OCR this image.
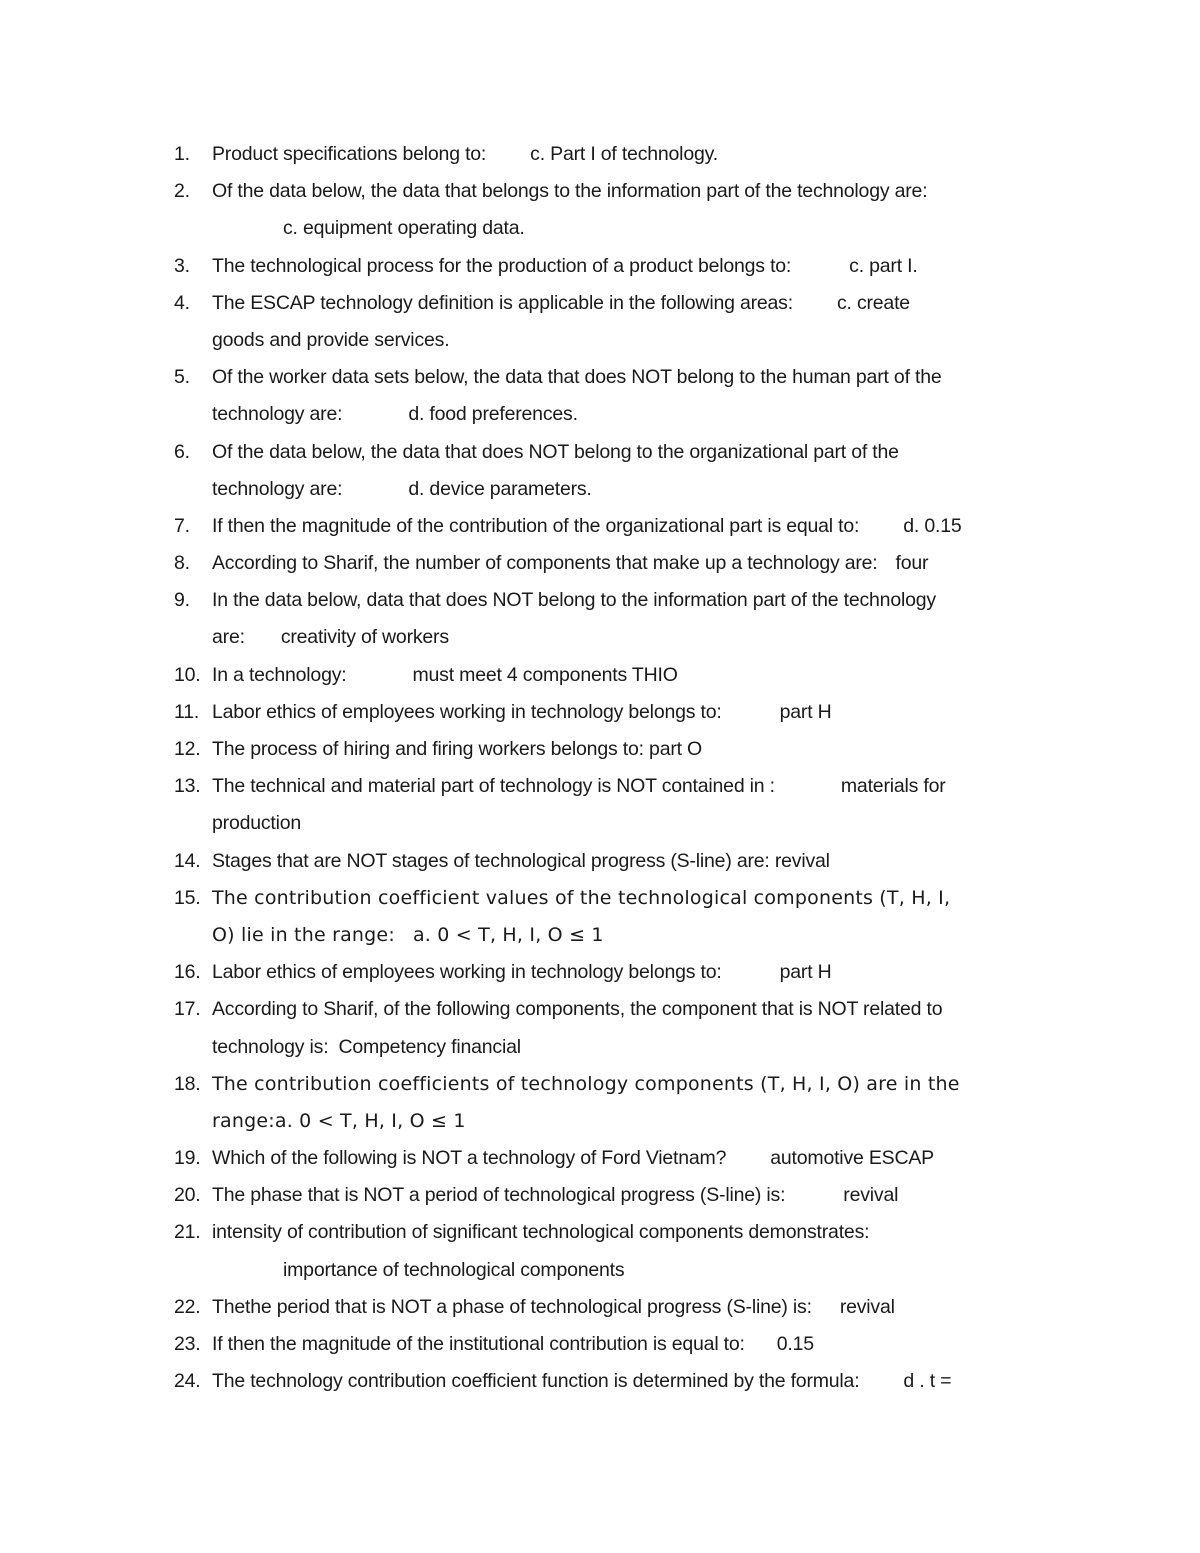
1. Product specifications belong to: c. Part I of technology.
2. Of the data below, the data that belongs to the information part of the technology are:
c. equipment operating data.
3. The technological process for the production of a product belongs to:	c. part I.
4. The ESCAP technology definition is applicable in the following areas: c. create
goods and provide services.
5. Of the worker data sets below, the data that does NOT belong to the human part of the
technology are:	d. food preferences.
6. Of the data below, the data that does NOT belong to the organizational part of the
technology are:	d. device parameters.
7. If then the magnitude of the contribution of the organizational part is equal to: d. 0.15
8. According to Sharif, the number of components that make up a technology are: four
9. In the data below, data that does NOT belong to the information part of the technology
are: creativity of workers
10. In a technology:	must meet 4 components THIO
11. Labor ethics of employees working in technology belongs to:	part H
12. The process of hiring and firing workers belongs to: part O
13. The technical and material part of technology is NOT contained in :	materials for
production
14. Stages that are NOT stages of technological progress (S-line) are: revival
15. The contribution coefficient values of the technological components (T, H, I,
O) lie in the range: a. 0 < T, H, I, O ≤ 1
16. Labor ethics of employees working in technology belongs to:	part H
17. According to Sharif, of the following components, the component that is NOT related to
technology is: Competency financial
18. The contribution coefficients of technology components (T, H, I, O) are in the
range:a. 0 < T, H, I, O ≤ 1
19. Which of the following is NOT a technology of Ford Vietnam? automotive ESCAP
20. The phase that is NOT a period of technological progress (S-line) is:	revival
21. intensity of contribution of significant technological components demonstrates:
importance of technological components
22. Thethe period that is NOT a phase of technological progress (S-line) is: revival
23. If then the magnitude of the institutional contribution is equal to: 0.15
24. The technology contribution coefficient function is determined by the formula: d . t =
